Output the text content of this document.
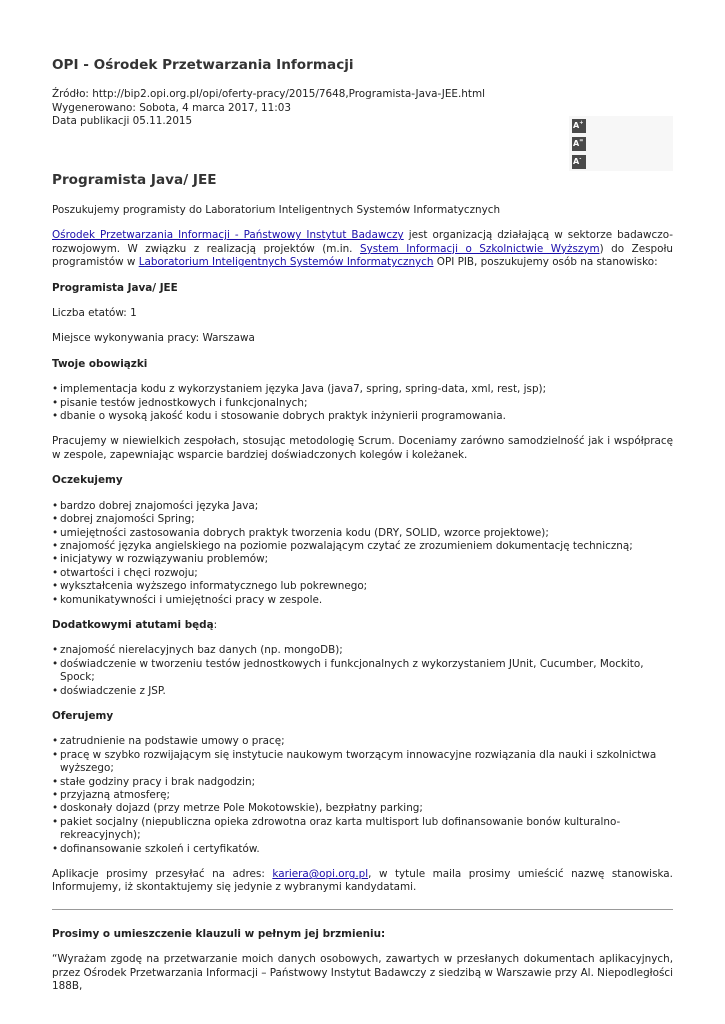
OPI - Ośrodek Przetwarzania Informacji
Źródło: http://bip2.opi.org.pl/opi/oferty-pracy/2015/7648,Programista-Java-JEE.html
Wygenerowano: Sobota, 4 marca 2017, 11:03
Data publikacji 05.11.2015	A+
A=
A-
Programista Java/ JEE

Poszukujemy programisty do Laboratorium Inteligentnych Systemów Informatycznych

Ośrodek Przetwarzania Informacji - Państwowy Instytut Badawczy jest organizacją działającą w sektorze badawczo-rozwojowym. W związku z realizacją projektów (m.in. System Informacji o Szkolnictwie Wyższym) do Zespołu programistów w Laboratorium Inteligentnych Systemów Informatycznych OPI PIB, poszukujemy osób na stanowisko:

Programista Java/ JEE

Liczba etatów: 1

Miejsce wykonywania pracy: Warszawa

Twoje obowiązki

• implementacja kodu z wykorzystaniem języka Java (java7, spring, spring-data, xml, rest, jsp);
• pisanie testów jednostkowych i funkcjonalnych;
• dbanie o wysoką jakość kodu i stosowanie dobrych praktyk inżynierii programowania.

Pracujemy w niewielkich zespołach, stosując metodologię Scrum. Doceniamy zarówno samodzielność jak i współpracę w zespole, zapewniając wsparcie bardziej doświadczonych kolegów i koleżanek.

Oczekujemy

• bardzo dobrej znajomości języka Java;
• dobrej znajomości Spring;
• umiejętności zastosowania dobrych praktyk tworzenia kodu (DRY, SOLID, wzorce projektowe);
• znajomość języka angielskiego na poziomie pozwalającym czytać ze zrozumieniem dokumentację techniczną;
• inicjatywy w rozwiązywaniu problemów;
• otwartości i chęci rozwoju;
• wykształcenia wyższego informatycznego lub pokrewnego;
• komunikatywności i umiejętności pracy w zespole.

Dodatkowymi atutami będą:

• znajomość nierelacyjnych baz danych (np. mongoDB);
• doświadczenie w tworzeniu testów jednostkowych i funkcjonalnych z wykorzystaniem JUnit, Cucumber, Mockito, Spock;
• doświadczenie z JSP.

Oferujemy

• zatrudnienie na podstawie umowy o pracę;
• pracę w szybko rozwijającym się instytucie naukowym tworzącym innowacyjne rozwiązania dla nauki i szkolnictwa wyższego;
• stałe godziny pracy i brak nadgodzin;
• przyjazną atmosferę;
• doskonały dojazd (przy metrze Pole Mokotowskie), bezpłatny parking;
• pakiet socjalny (niepubliczna opieka zdrowotna oraz karta multisport lub dofinansowanie bonów kulturalno-rekreacyjnych);
• dofinansowanie szkoleń i certyfikatów.

Aplikacje prosimy przesyłać na adres: kariera@opi.org.pl, w tytule maila prosimy umieścić nazwę stanowiska. Informujemy, iż skontaktujemy się jedynie z wybranymi kandydatami.

Prosimy o umieszczenie klauzuli w pełnym jej brzmieniu:

“Wyrażam zgodę na przetwarzanie moich danych osobowych, zawartych w przesłanych dokumentach aplikacyjnych, przez Ośrodek Przetwarzania Informacji – Państwowy Instytut Badawczy z siedzibą w Warszawie przy Al. Niepodległości 188B,
